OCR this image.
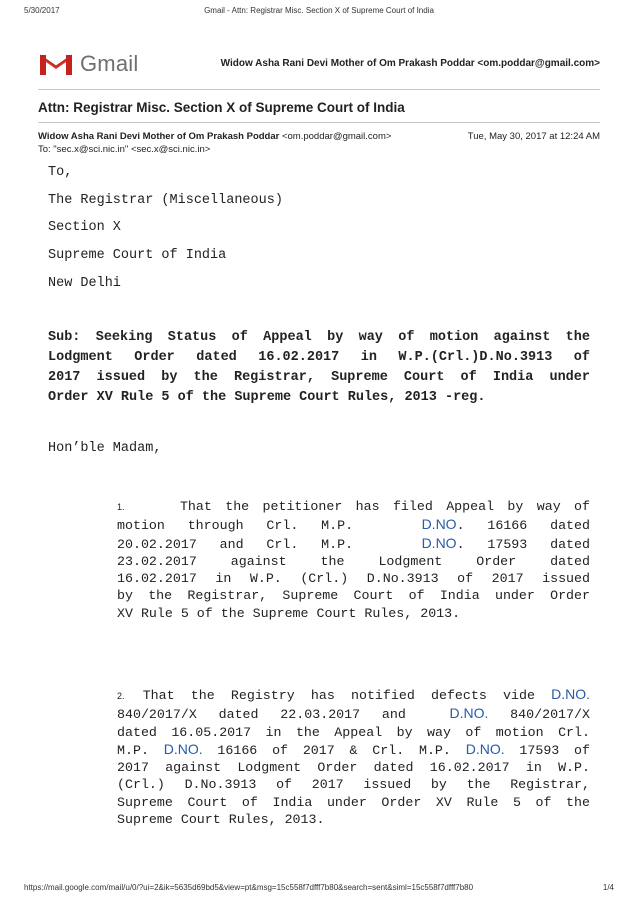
5/30/2017	Gmail - Attn: Registrar Misc. Section X of Supreme Court of India
Gmail	Widow Asha Rani Devi Mother of Om Prakash Poddar <om.poddar@gmail.com>
Attn: Registrar Misc. Section X of Supreme Court of India
Widow Asha Rani Devi Mother of Om Prakash Poddar <om.poddar@gmail.com>	Tue, May 30, 2017 at 12:24 AM
To: "sec.x@sci.nic.in" <sec.x@sci.nic.in>
To,
The Registrar (Miscellaneous)
Section X
Supreme Court of India
New Delhi
Sub: Seeking Status of Appeal by way of motion against the
Lodgment Order dated 16.02.2017 in W.P.(Crl.)D.No.3913 of
2017 issued by the Registrar, Supreme Court of India under
Order XV Rule 5 of the Supreme Court Rules, 2013 -reg.
Hon’ble Madam,
1.	That the petitioner has filed Appeal by way of
motion through Crl. M.P.	D.NO. 16166 dated
20.02.2017 and Crl. M.P.	D.NO. 17593 dated
23.02.2017 against the Lodgment Order dated
16.02.2017 in W.P. (Crl.) D.No.3913 of 2017 issued
by the Registrar, Supreme Court of India under Order
XV Rule 5 of the Supreme Court Rules, 2013.
2. That the Registry has notified defects vide D.NO.
840/2017/X dated 22.03.2017 and	D.NO. 840/2017/X
dated 16.05.2017 in the Appeal by way of motion Crl.
M.P. D.NO. 16166 of 2017 & Crl. M.P. D.NO. 17593 of
2017 against Lodgment Order dated 16.02.2017 in W.P.
(Crl.) D.No.3913 of 2017 issued by the Registrar,
Supreme Court of India under Order XV Rule 5 of the
Supreme Court Rules, 2013.
https://mail.google.com/mail/u/0/?ui=2&ik=5635d69bd5&view=pt&msg=15c558f7dfff7b80&search=sent&siml=15c558f7dfff7b80	1/4
